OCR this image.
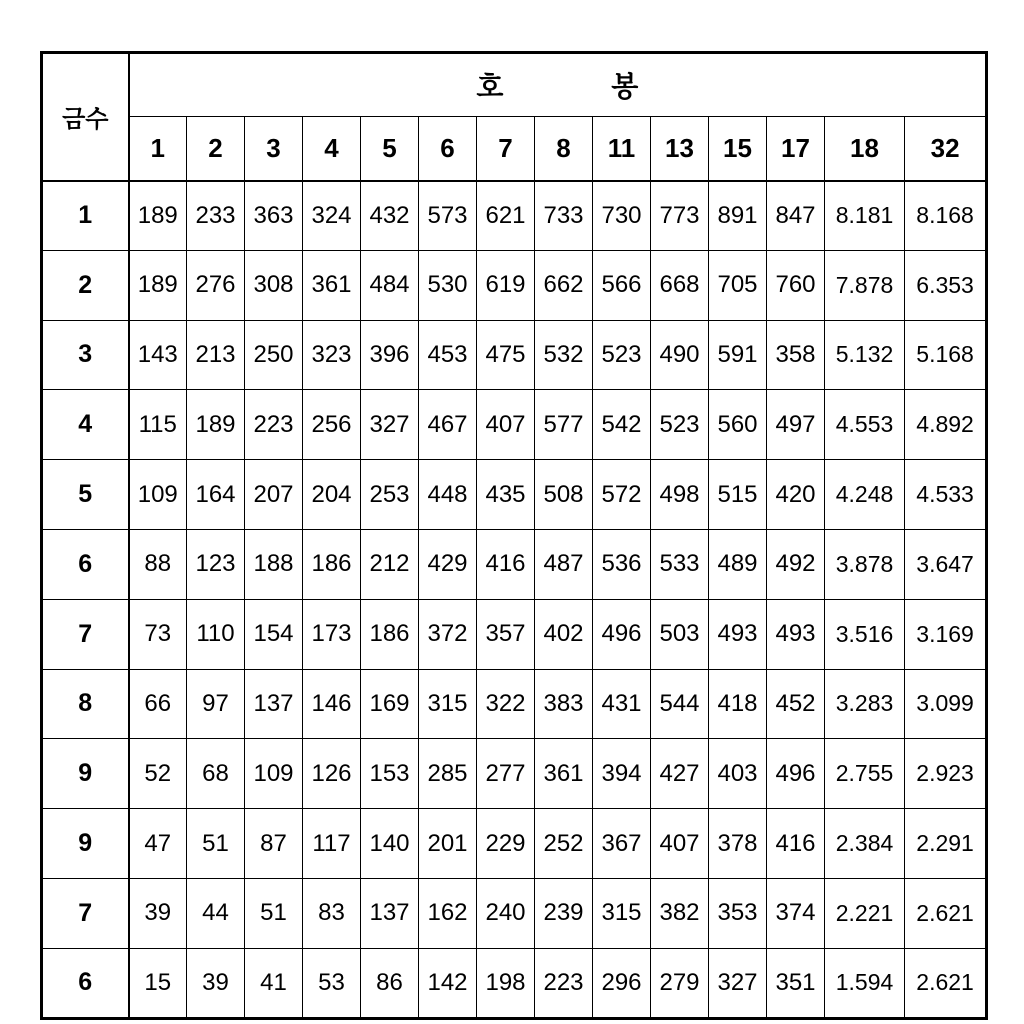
금수	호 봉													
	1	2	3	4	5	6	7	8	11	13	15	17	18	32
1	189	233	363	324	432	573	621	733	730	773	891	847	8.181	8.168
2	189	276	308	361	484	530	619	662	566	668	705	760	7.878	6.353
3	143	213	250	323	396	453	475	532	523	490	591	358	5.132	5.168
4	115	189	223	256	327	467	407	577	542	523	560	497	4.553	4.892
5	109	164	207	204	253	448	435	508	572	498	515	420	4.248	4.533
6	88	123	188	186	212	429	416	487	536	533	489	492	3.878	3.647
7	73	110	154	173	186	372	357	402	496	503	493	493	3.516	3.169
8	66	97	137	146	169	315	322	383	431	544	418	452	3.283	3.099
9	52	68	109	126	153	285	277	361	394	427	403	496	2.755	2.923
9	47	51	87	117	140	201	229	252	367	407	378	416	2.384	2.291
7	39	44	51	83	137	162	240	239	315	382	353	374	2.221	2.621
6	15	39	41	53	86	142	198	223	296	279	327	351	1.594	2.621
